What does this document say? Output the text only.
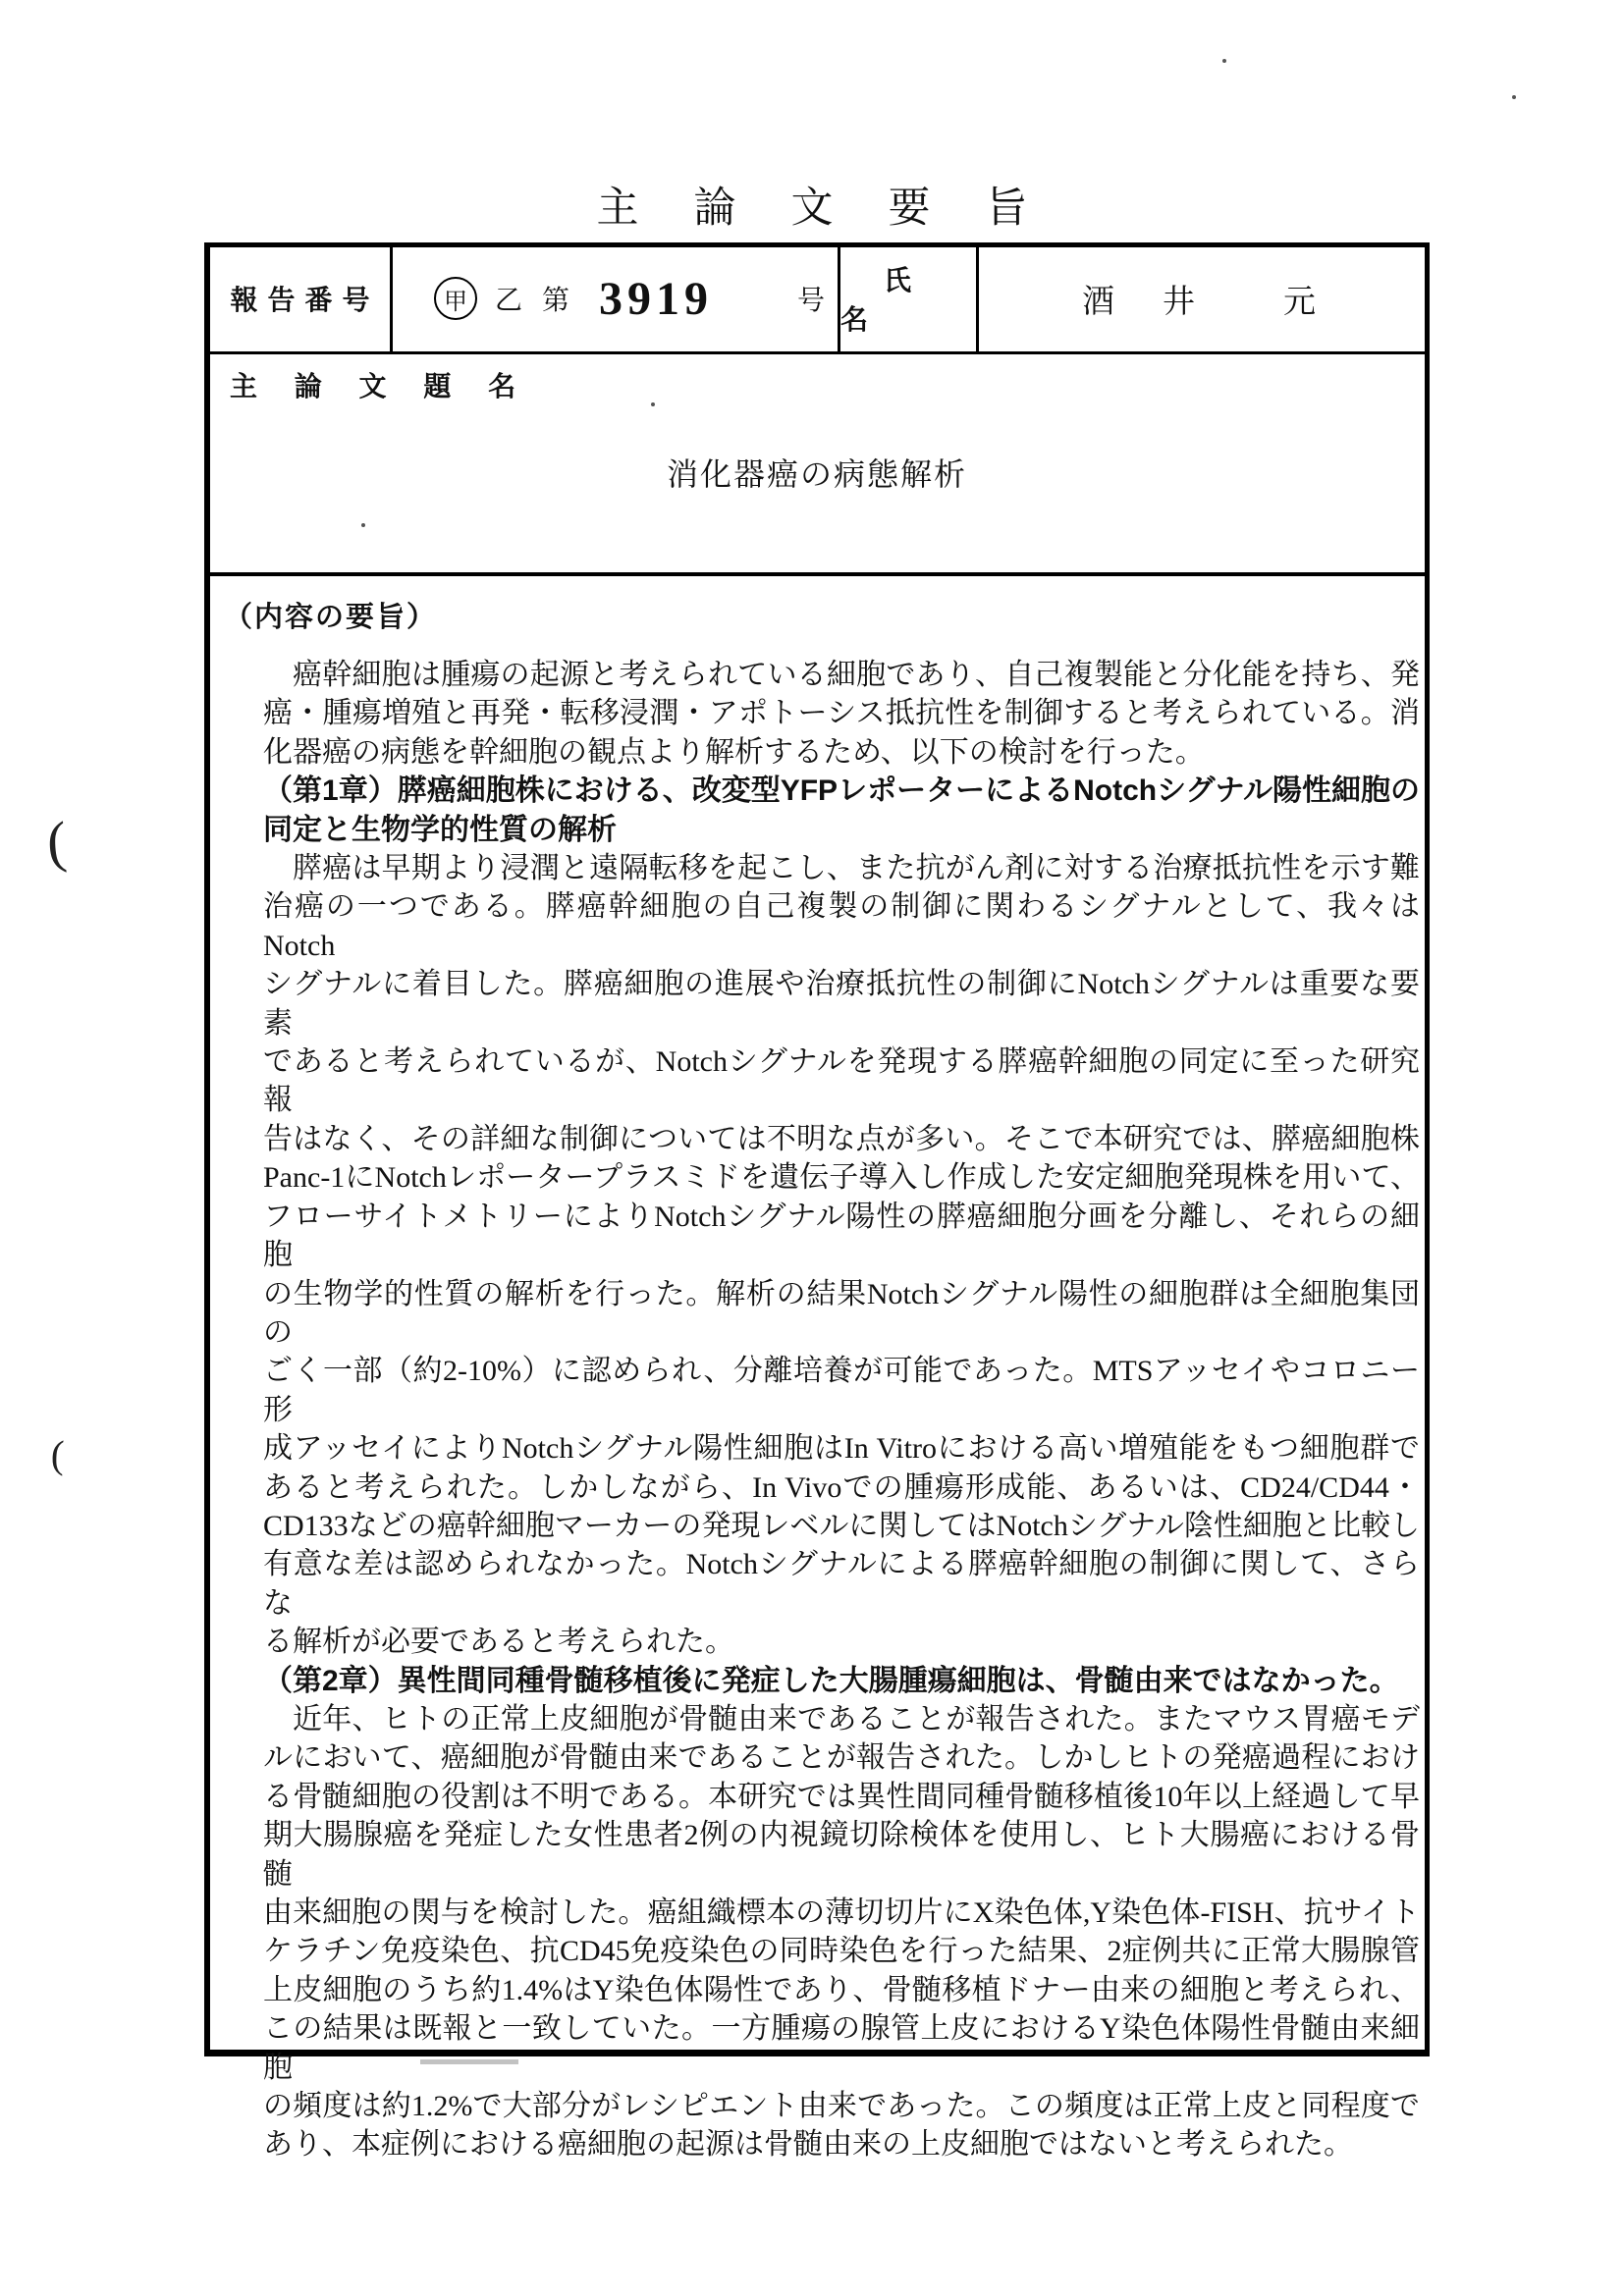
主論文要旨
報告番号	甲 乙 第 3919	号
氏名	酒　井　　元
主 論 文 題 名
消化器癌の病態解析
（内容の要旨）
癌幹細胞は腫瘍の起源と考えられている細胞であり、自己複製能と分化能を持ち、発
癌・腫瘍増殖と再発・転移浸潤・アポトーシス抵抗性を制御すると考えられている。消
化器癌の病態を幹細胞の観点より解析するため、以下の検討を行った。
（第1章）膵癌細胞株における、改変型YFPレポーターによるNotchシグナル陽性細胞の
同定と生物学的性質の解析
膵癌は早期より浸潤と遠隔転移を起こし、また抗がん剤に対する治療抵抗性を示す難
治癌の一つである。膵癌幹細胞の自己複製の制御に関わるシグナルとして、我々はNotch
シグナルに着目した。膵癌細胞の進展や治療抵抗性の制御にNotchシグナルは重要な要素
であると考えられているが、Notchシグナルを発現する膵癌幹細胞の同定に至った研究報
告はなく、その詳細な制御については不明な点が多い。そこで本研究では、膵癌細胞株
Panc-1にNotchレポータープラスミドを遺伝子導入し作成した安定細胞発現株を用いて、
フローサイトメトリーによりNotchシグナル陽性の膵癌細胞分画を分離し、それらの細胞
の生物学的性質の解析を行った。解析の結果Notchシグナル陽性の細胞群は全細胞集団の
ごく一部（約2-10%）に認められ、分離培養が可能であった。MTSアッセイやコロニー形
成アッセイによりNotchシグナル陽性細胞はIn Vitroにおける高い増殖能をもつ細胞群で
あると考えられた。しかしながら、In Vivoでの腫瘍形成能、あるいは、CD24/CD44・
CD133などの癌幹細胞マーカーの発現レベルに関してはNotchシグナル陰性細胞と比較し
有意な差は認められなかった。Notchシグナルによる膵癌幹細胞の制御に関して、さらな
る解析が必要であると考えられた。
（第2章）異性間同種骨髄移植後に発症した大腸腫瘍細胞は、骨髄由来ではなかった。
近年、ヒトの正常上皮細胞が骨髄由来であることが報告された。またマウス胃癌モデ
ルにおいて、癌細胞が骨髄由来であることが報告された。しかしヒトの発癌過程におけ
る骨髄細胞の役割は不明である。本研究では異性間同種骨髄移植後10年以上経過して早
期大腸腺癌を発症した女性患者2例の内視鏡切除検体を使用し、ヒト大腸癌における骨髄
由来細胞の関与を検討した。癌組織標本の薄切切片にX染色体,Y染色体-FISH、抗サイト
ケラチン免疫染色、抗CD45免疫染色の同時染色を行った結果、2症例共に正常大腸腺管
上皮細胞のうち約1.4%はY染色体陽性であり、骨髄移植ドナー由来の細胞と考えられ、
この結果は既報と一致していた。一方腫瘍の腺管上皮におけるY染色体陽性骨髄由来細胞
の頻度は約1.2%で大部分がレシピエント由来であった。この頻度は正常上皮と同程度で
あり、本症例における癌細胞の起源は骨髄由来の上皮細胞ではないと考えられた。
(
(
